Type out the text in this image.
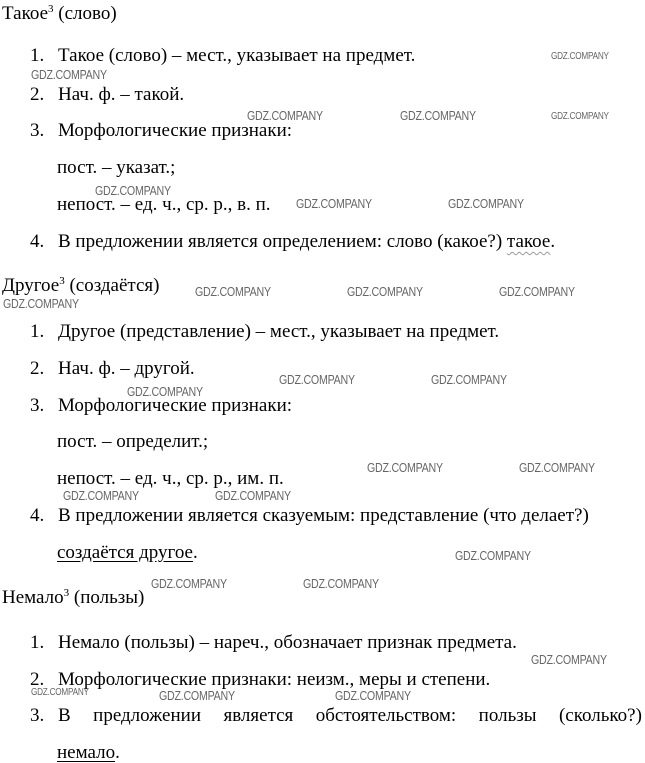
Такое$^3$ (слово)
1. Такое (слово) – мест., указывает на предмет.
2. Нач. ф. – такой.
3. Морфологические признаки:
пост. – указат.;
непост. – ед. ч., ср. р., в. п.
4. В предложении является определением: слово (какое?) такое.
Другое$^3$ (создаётся)
1. Другое (представление) – мест., указывает на предмет.
2. Нач. ф. – другой.
3. Морфологические признаки:
пост. – определит.;
непост. – ед. ч., ср. р., им. п.
4. В предложении является сказуемым: представление (что делает?)
создаётся другое.
Немало$^3$ (пользы)
1. Немало (пользы) – нареч., обозначает признак предмета.
2. Морфологические признаки: неизм., меры и степени.
3. В предложении является обстоятельством: пользы (сколько?)
немало.
GDZ.COMPANY
GDZ.COMPANY
GDZ.COMPANY	GDZ.COMPANY	GDZ.COMPANY
GDZ.COMPANY
GDZ.COMPANY	GDZ.COMPANY
GDZ.COMPANY	GDZ.COMPANY	GDZ.COMPANY
GDZ.COMPANY
GDZ.COMPANY	GDZ.COMPANY
GDZ.COMPANY
GDZ.COMPANY	GDZ.COMPANY
GDZ.COMPANY	GDZ.COMPANY
GDZ.COMPANY
GDZ.COMPANY	GDZ.COMPANY
GDZ.COMPANY
GDZ.COMPANY	GDZ.COMPANY	GDZ.COMPANY
